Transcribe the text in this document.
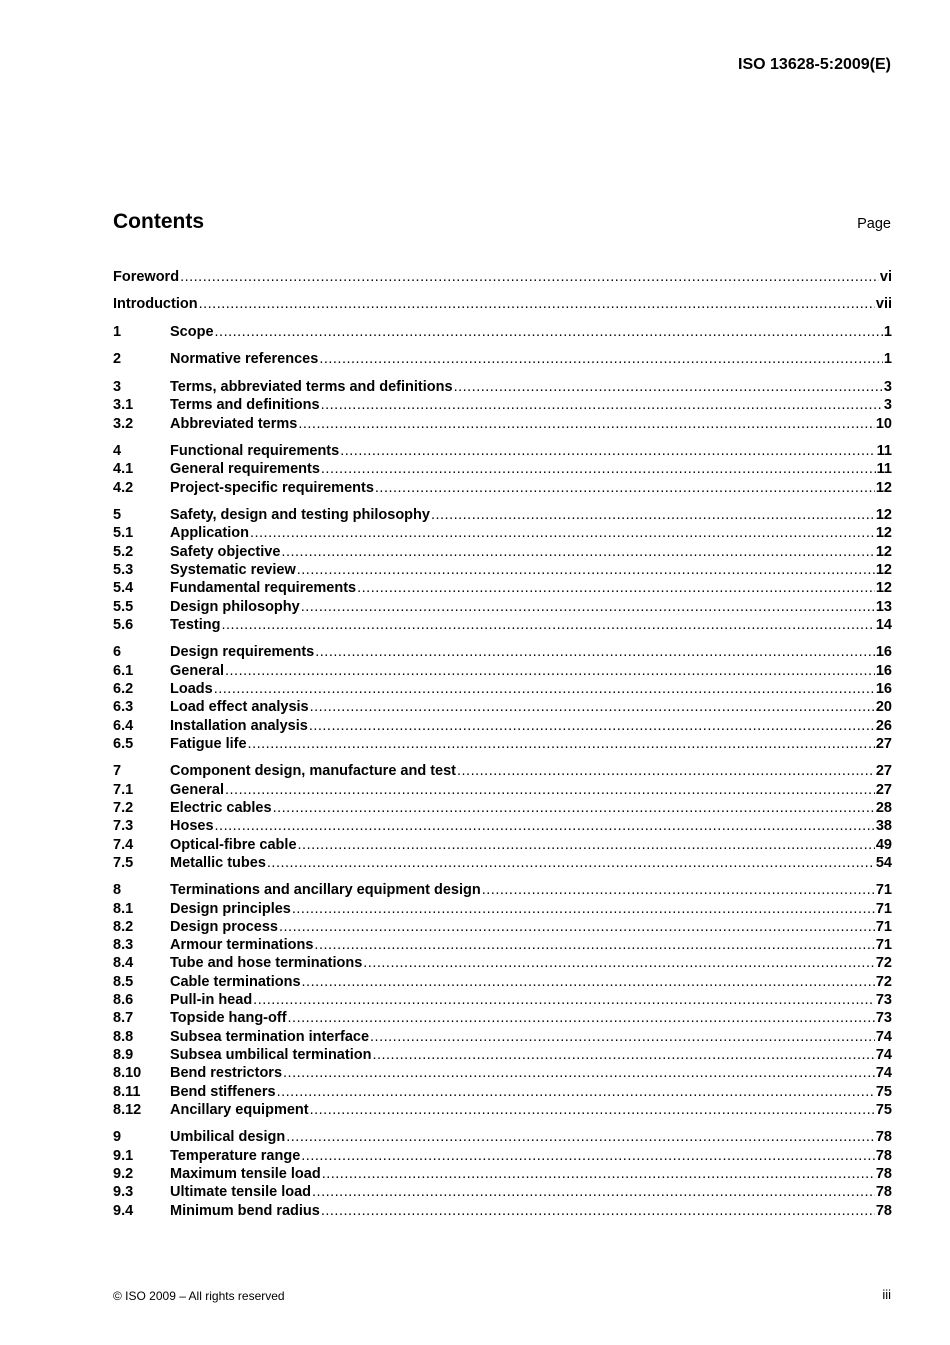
ISO 13628-5:2009(E)
Contents	Page
Foreword .....	vi
Introduction .....	vii
1	Scope .....	1
2	Normative references .....	1
3	Terms, abbreviated terms and definitions .....	3
3.1	Terms and definitions .....	3
3.2	Abbreviated terms .....	10
4	Functional requirements .....	11
4.1	General requirements .....	11
4.2	Project-specific requirements .....	12
5	Safety, design and testing philosophy .....	12
5.1	Application .....	12
5.2	Safety objective .....	12
5.3	Systematic review .....	12
5.4	Fundamental requirements .....	12
5.5	Design philosophy .....	13
5.6	Testing .....	14
6	Design requirements .....	16
6.1	General .....	16
6.2	Loads .....	16
6.3	Load effect analysis .....	20
6.4	Installation analysis .....	26
6.5	Fatigue life .....	27
7	Component design, manufacture and test .....	27
7.1	General .....	27
7.2	Electric cables .....	28
7.3	Hoses .....	38
7.4	Optical-fibre cable .....	49
7.5	Metallic tubes .....	54
8	Terminations and ancillary equipment design .....	71
8.1	Design principles .....	71
8.2	Design process .....	71
8.3	Armour terminations .....	71
8.4	Tube and hose terminations .....	72
8.5	Cable terminations .....	72
8.6	Pull-in head .....	73
8.7	Topside hang-off .....	73
8.8	Subsea termination interface .....	74
8.9	Subsea umbilical termination .....	74
8.10	Bend restrictors .....	74
8.11	Bend stiffeners .....	75
8.12	Ancillary equipment .....	75
9	Umbilical design .....	78
9.1	Temperature range .....	78
9.2	Maximum tensile load .....	78
9.3	Ultimate tensile load .....	78
9.4	Minimum bend radius .....	78
© ISO 2009 – All rights reserved	iii
